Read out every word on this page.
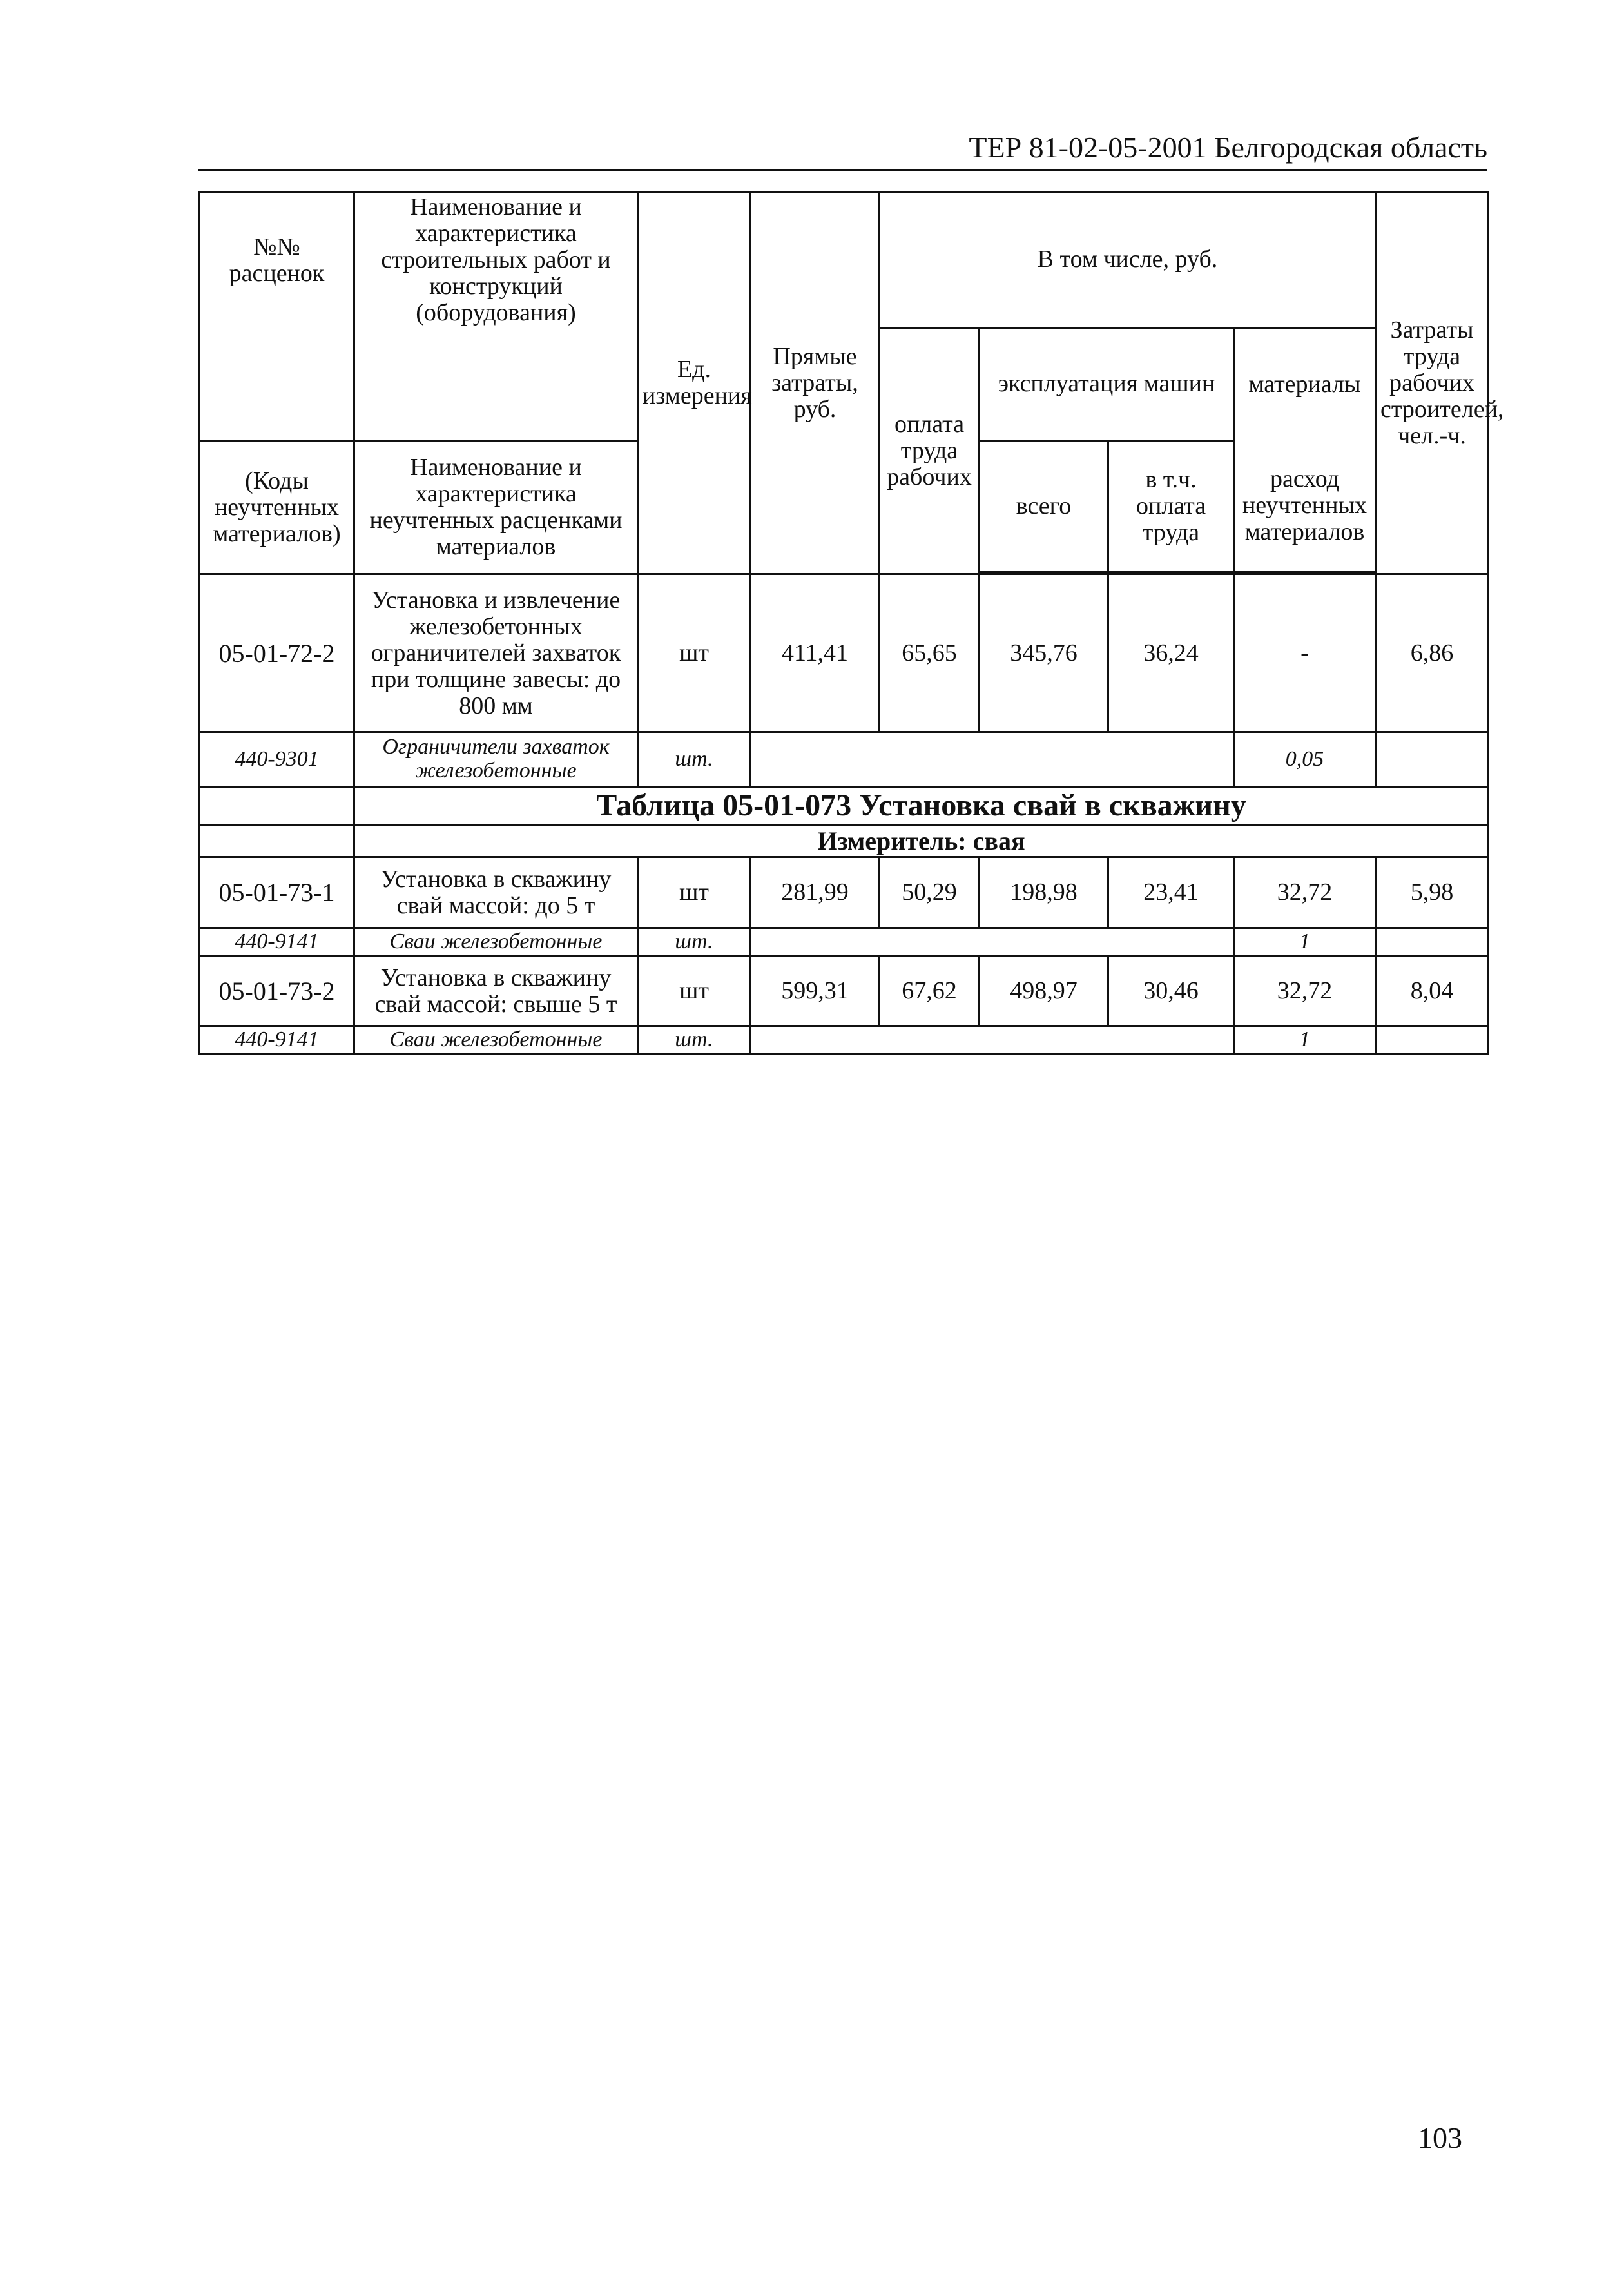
ТЕР 81-02-05-2001 Белгородская область
№№ расценок	Наименование и характеристика строительных работ и конструкций (оборудования)	Ед. измерения	Прямые затраты, руб.	В том числе, руб.				Затраты труда рабочих строителей, чел.-ч.
				оплата труда рабочих	эксплуатация машин		материалы	
(Коды неучтенных материалов)	Наименование и характеристика неучтенных расценками материалов				всего	в т.ч. оплата труда	расход неучтенных материалов	

05-01-72-2	Установка и извлечение железобетонных ограничителей захваток при толщине завесы: до 800 мм	шт	411,41	65,65	345,76	36,24	-	6,86
440-9301	Ограничители захваток железобетонные	шт.					0,05	
	Таблица 05-01-073 Установка свай в скважину							
	Измеритель: свая							
05-01-73-1	Установка в скважину свай массой: до 5 т	шт	281,99	50,29	198,98	23,41	32,72	5,98
440-9141	Сваи железобетонные	шт.					1	
05-01-73-2	Установка в скважину свай массой: свыше 5 т	шт	599,31	67,62	498,97	30,46	32,72	8,04
440-9141	Сваи железобетонные	шт.					1	
103
